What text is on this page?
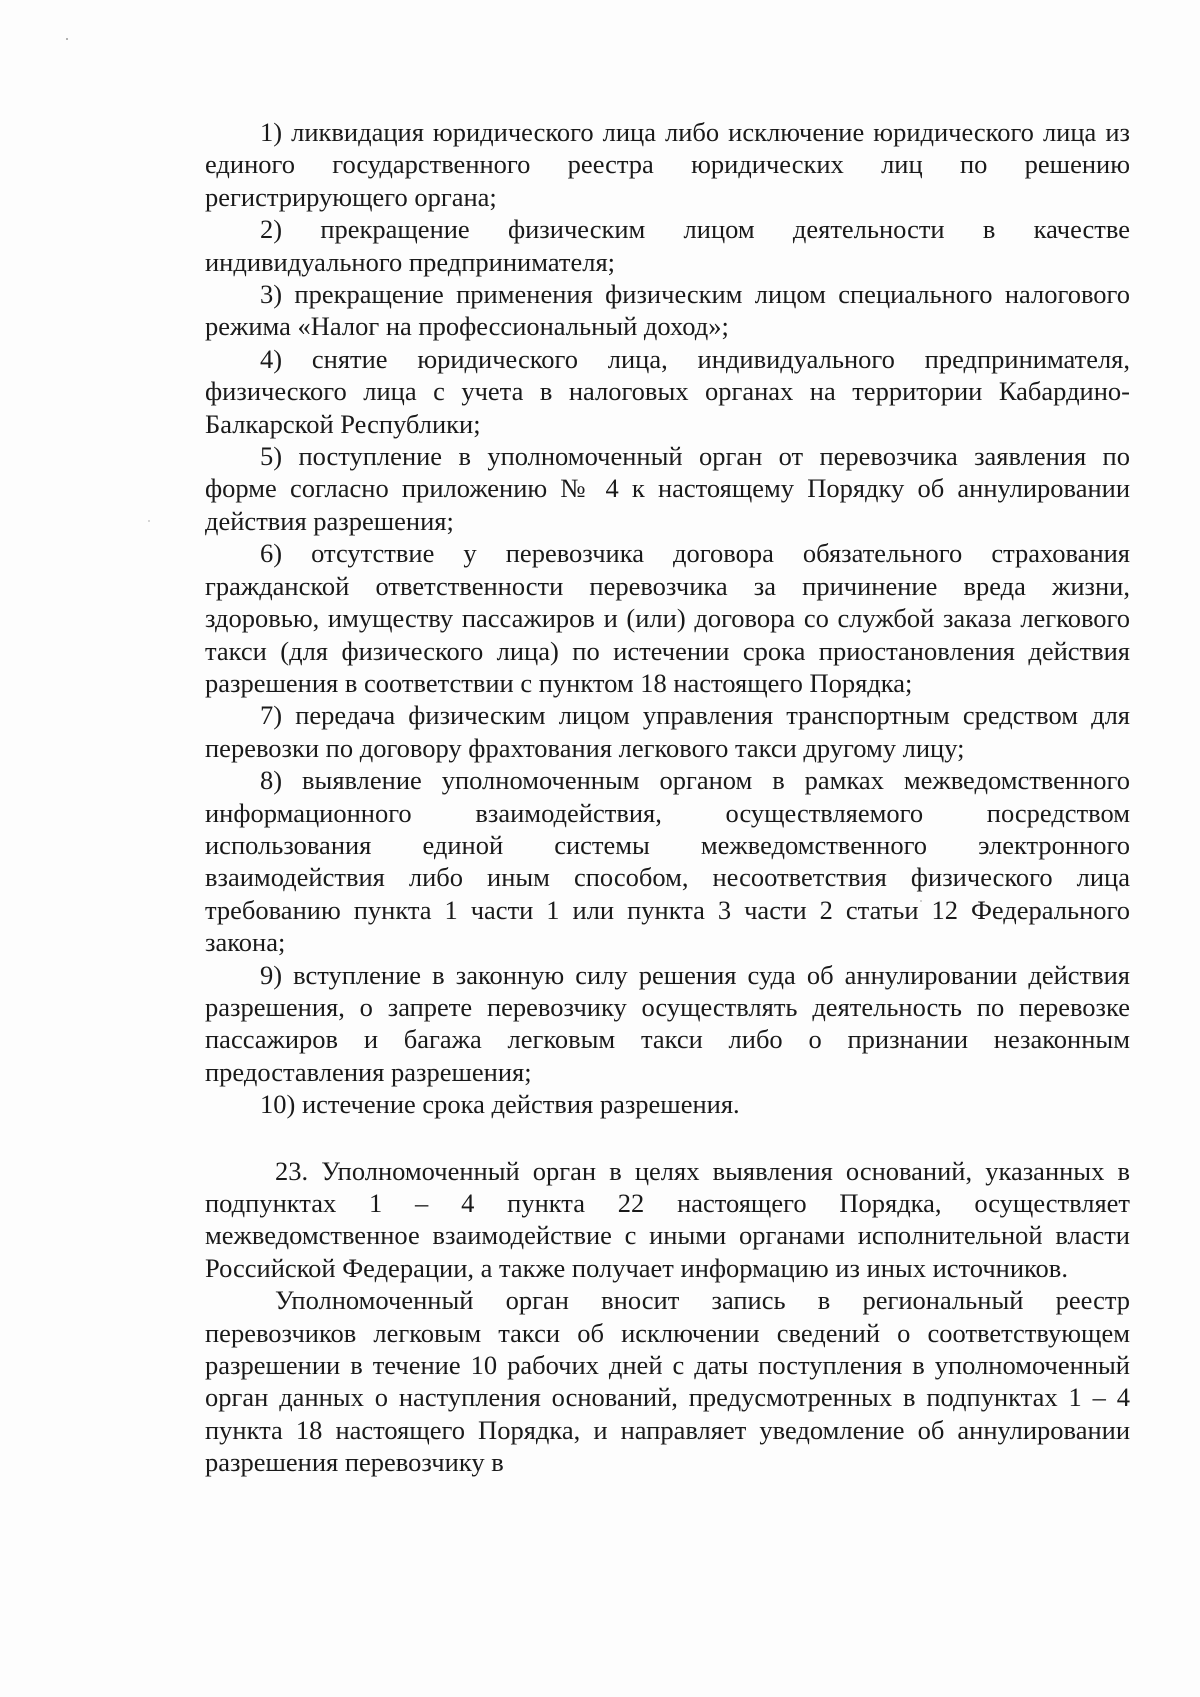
1) ликвидация юридического лица либо исключение юридического лица из единого государственного реестра юридических лиц по решению регистрирующего органа;

2) прекращение физическим лицом деятельности в качестве индивидуального предпринимателя;

3) прекращение применения физическим лицом специального налогового режима «Налог на профессиональный доход»;

4) снятие юридического лица, индивидуального предпринимателя, физического лица с учета в налоговых органах на территории Кабардино-Балкарской Республики;

5) поступление в уполномоченный орган от перевозчика заявления по форме согласно приложению № 4 к настоящему Порядку об аннулировании действия разрешения;

6) отсутствие у перевозчика договора обязательного страхования гражданской ответственности перевозчика за причинение вреда жизни, здоровью, имуществу пассажиров и (или) договора со службой заказа легкового такси (для физического лица) по истечении срока приостановления действия разрешения в соответствии с пунктом 18 настоящего Порядка;

7) передача физическим лицом управления транспортным средством для перевозки по договору фрахтования легкового такси другому лицу;

8) выявление уполномоченным органом в рамках межведомственного информационного взаимодействия, осуществляемого посредством использования единой системы межведомственного электронного взаимодействия либо иным способом, несоответствия физического лица требованию пункта 1 части 1 или пункта 3 части 2 статьи 12 Федерального закона;

9) вступление в законную силу решения суда об аннулировании действия разрешения, о запрете перевозчику осуществлять деятельность по перевозке пассажиров и багажа легковым такси либо о признании незаконным предоставления разрешения;

10) истечение срока действия разрешения.

23. Уполномоченный орган в целях выявления оснований, указанных в подпунктах 1 – 4 пункта 22 настоящего Порядка, осуществляет межведомственное взаимодействие с иными органами исполнительной власти Российской Федерации, а также получает информацию из иных источников.

Уполномоченный орган вносит запись в региональный реестр перевозчиков легковым такси об исключении сведений о соответствующем разрешении в течение 10 рабочих дней с даты поступления в уполномоченный орган данных о наступления оснований, предусмотренных в подпунктах 1 – 4 пункта 18 настоящего Порядка, и направляет уведомление об аннулировании разрешения перевозчику в
